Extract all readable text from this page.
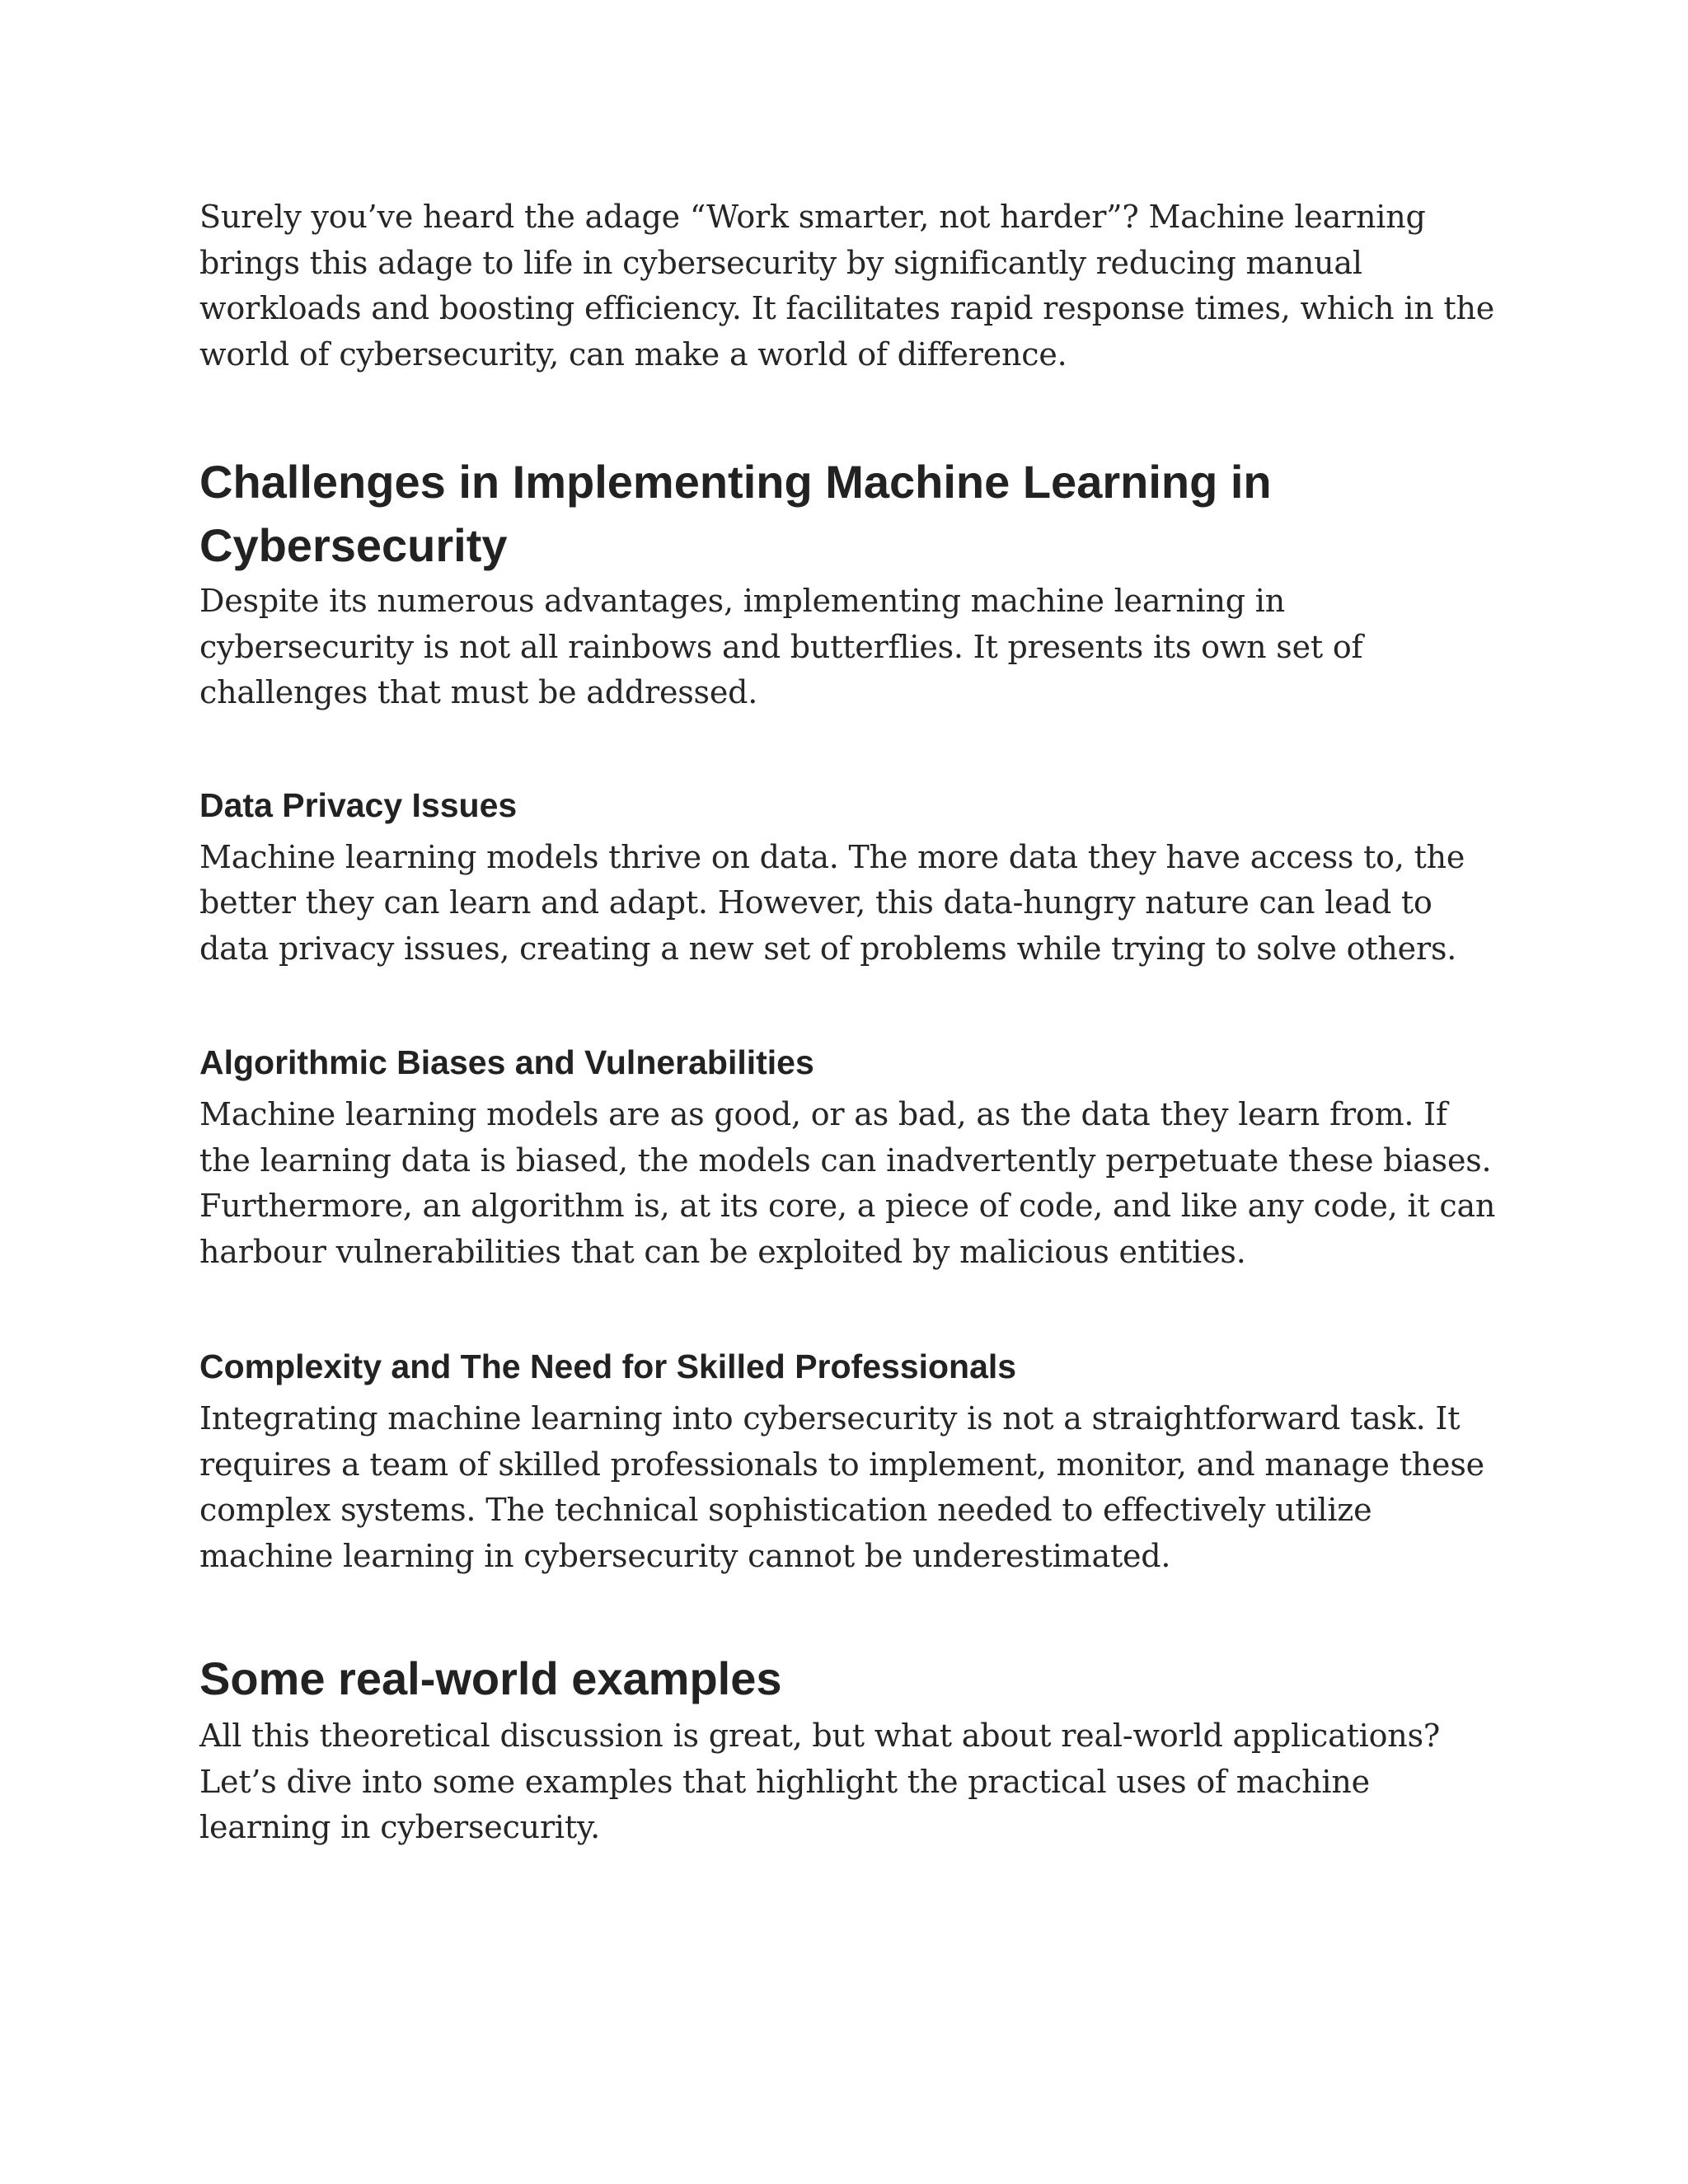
Surely you’ve heard the adage “Work smarter, not harder”? Machine learning brings this adage to life in cybersecurity by significantly reducing manual workloads and boosting efficiency. It facilitates rapid response times, which in the world of cybersecurity, can make a world of difference.

Challenges in Implementing Machine Learning in Cybersecurity

Despite its numerous advantages, implementing machine learning in cybersecurity is not all rainbows and butterflies. It presents its own set of challenges that must be addressed.

Data Privacy Issues

Machine learning models thrive on data. The more data they have access to, the better they can learn and adapt. However, this data-hungry nature can lead to data privacy issues, creating a new set of problems while trying to solve others.

Algorithmic Biases and Vulnerabilities

Machine learning models are as good, or as bad, as the data they learn from. If the learning data is biased, the models can inadvertently perpetuate these biases. Furthermore, an algorithm is, at its core, a piece of code, and like any code, it can harbour vulnerabilities that can be exploited by malicious entities.

Complexity and The Need for Skilled Professionals

Integrating machine learning into cybersecurity is not a straightforward task. It requires a team of skilled professionals to implement, monitor, and manage these complex systems. The technical sophistication needed to effectively utilize machine learning in cybersecurity cannot be underestimated.

Some real-world examples

All this theoretical discussion is great, but what about real-world applications? Let’s dive into some examples that highlight the practical uses of machine learning in cybersecurity.
